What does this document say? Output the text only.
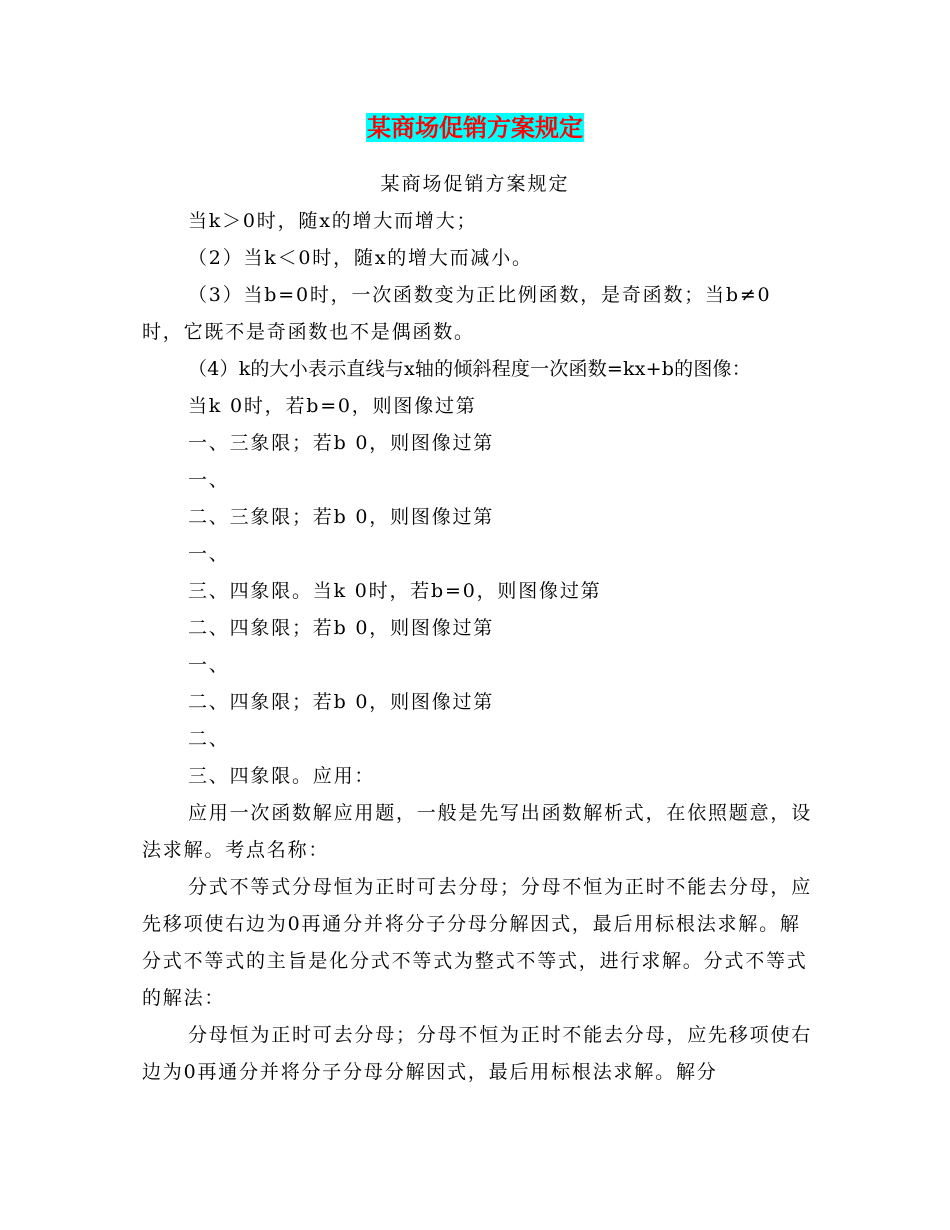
某商场促销方案规定

某商场促销方案规定

当k＞0时，随x的增大而增大；

（2）当k＜0时，随x的增大而减小。

（3）当b=0时，一次函数变为正比例函数，是奇函数；当b≠0时，它既不是奇函数也不是偶函数。

（4）k的大小表示直线与x轴的倾斜程度一次函数=kx+b的图像：

当k 0时，若b=0，则图像过第

一、三象限；若b 0，则图像过第

一、

二、三象限；若b 0，则图像过第

一、

三、四象限。当k 0时，若b=0，则图像过第

二、四象限；若b 0，则图像过第

一、

二、四象限；若b 0，则图像过第

二、

三、四象限。应用：

应用一次函数解应用题，一般是先写出函数解析式，在依照题意，设法求解。考点名称：

分式不等式分母恒为正时可去分母；分母不恒为正时不能去分母，应先移项使右边为0再通分并将分子分母分解因式，最后用标根法求解。解分式不等式的主旨是化分式不等式为整式不等式，进行求解。分式不等式的解法：

分母恒为正时可去分母；分母不恒为正时不能去分母，应先移项使右边为0再通分并将分子分母分解因式，最后用标根法求解。解分
